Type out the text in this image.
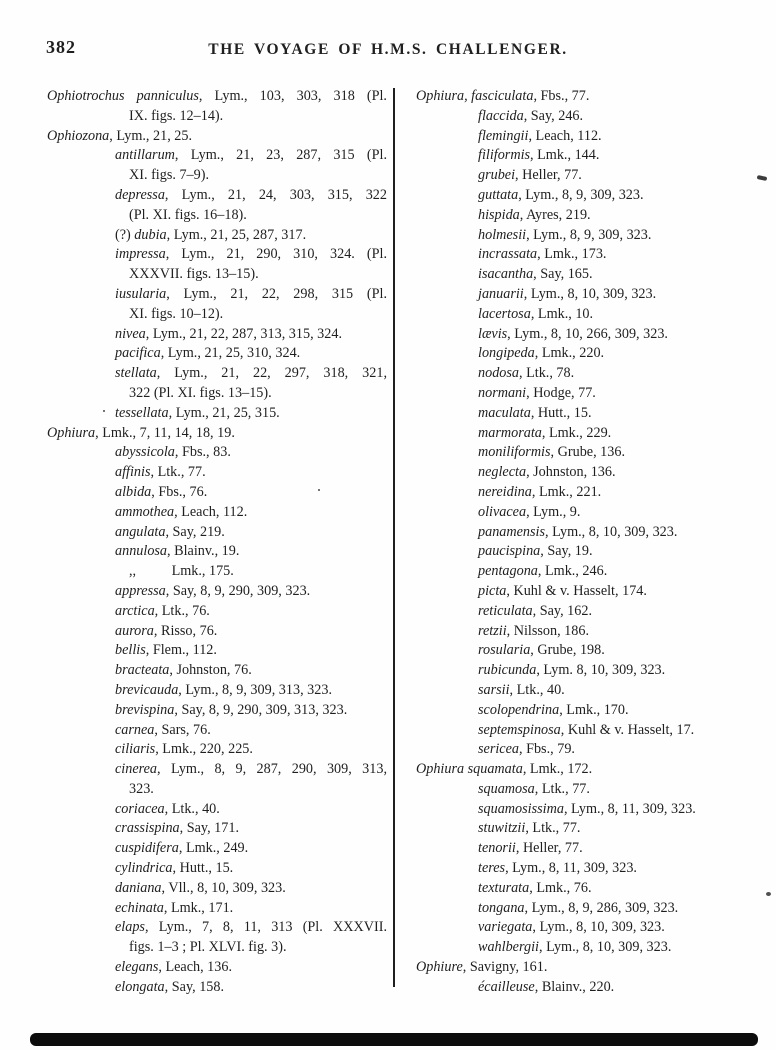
382	THE VOYAGE OF H.M.S. CHALLENGER.
Ophiotrochus panniculus, Lym., 103, 303, 318 (Pl.
IX. figs. 12–14).
Ophiozona, Lym., 21, 25.
antillarum, Lym., 21, 23, 287, 315 (Pl.
XI. figs. 7–9).
depressa, Lym., 21, 24, 303, 315, 322
(Pl. XI. figs. 16–18).
(?) dubia, Lym., 21, 25, 287, 317.
impressa, Lym., 21, 290, 310, 324. (Pl.
XXXVII. figs. 13–15).
iusularia, Lym., 21, 22, 298, 315 (Pl.
XI. figs. 10–12).
nivea, Lym., 21, 22, 287, 313, 315, 324.
pacifica, Lym., 21, 25, 310, 324.
stellata, Lym., 21, 22, 297, 318, 321,
322 (Pl. XI. figs. 13–15).
tessellata, Lym., 21, 25, 315.
Ophiura, Lmk., 7, 11, 14, 18, 19.
abyssicola, Fbs., 83.
affinis, Ltk., 77.
albida, Fbs., 76.
ammothea, Leach, 112.
angulata, Say, 219.
annulosa, Blainv., 19.
,,   Lmk., 175.
appressa, Say, 8, 9, 290, 309, 323.
arctica, Ltk., 76.
aurora, Risso, 76.
bellis, Flem., 112.
bracteata, Johnston, 76.
brevicauda, Lym., 8, 9, 309, 313, 323.
brevispina, Say, 8, 9, 290, 309, 313, 323.
carnea, Sars, 76.
ciliaris, Lmk., 220, 225.
cinerea, Lym., 8, 9, 287, 290, 309, 313,
323.
coriacea, Ltk., 40.
crassispina, Say, 171.
cuspidifera, Lmk., 249.
cylindrica, Hutt., 15.
daniana, Vll., 8, 10, 309, 323.
echinata, Lmk., 171.
elaps, Lym., 7, 8, 11, 313 (Pl. XXXVII.
figs. 1–3 ; Pl. XLVI. fig. 3).
elegans, Leach, 136.
elongata, Say, 158.
Ophiura, fasciculata, Fbs., 77.
flaccida, Say, 246.
flemingii, Leach, 112.
filiformis, Lmk., 144.
grubei, Heller, 77.
guttata, Lym., 8, 9, 309, 323.
hispida, Ayres, 219.
holmesii, Lym., 8, 9, 309, 323.
incrassata, Lmk., 173.
isacantha, Say, 165.
januarii, Lym., 8, 10, 309, 323.
lacertosa, Lmk., 10.
lævis, Lym., 8, 10, 266, 309, 323.
longipeda, Lmk., 220.
nodosa, Ltk., 78.
normani, Hodge, 77.
maculata, Hutt., 15.
marmorata, Lmk., 229.
moniliformis, Grube, 136.
neglecta, Johnston, 136.
nereidina, Lmk., 221.
olivacea, Lym., 9.
panamensis, Lym., 8, 10, 309, 323.
paucispina, Say, 19.
pentagona, Lmk., 246.
picta, Kuhl & v. Hasselt, 174.
reticulata, Say, 162.
retzii, Nilsson, 186.
rosularia, Grube, 198.
rubicunda, Lym. 8, 10, 309, 323.
sarsii, Ltk., 40.
scolopendrina, Lmk., 170.
septemspinosa, Kuhl & v. Hasselt, 17.
sericea, Fbs., 79.
Ophiura squamata, Lmk., 172.
squamosa, Ltk., 77.
squamosissima, Lym., 8, 11, 309, 323.
stuwitzii, Ltk., 77.
tenorii, Heller, 77.
teres, Lym., 8, 11, 309, 323.
texturata, Lmk., 76.
tongana, Lym., 8, 9, 286, 309, 323.
variegata, Lym., 8, 10, 309, 323.
wahlbergii, Lym., 8, 10, 309, 323.
Ophiure, Savigny, 161.
écailleuse, Blainv., 220.
